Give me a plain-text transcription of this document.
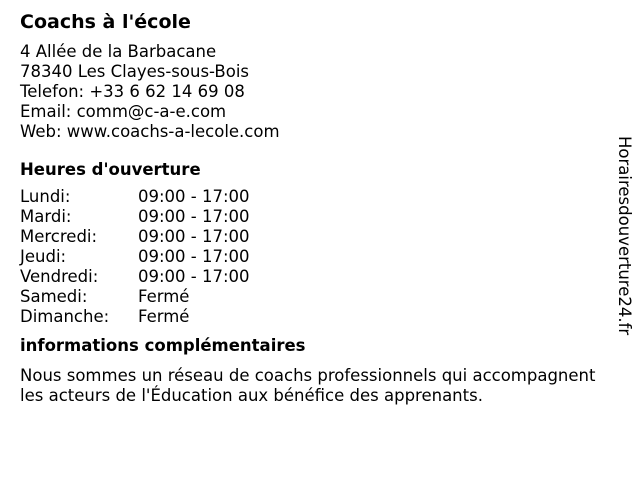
Coachs à l'école
4 Allée de la Barbacane
78340 Les Clayes-sous-Bois
Telefon: +33 6 62 14 69 08
Email: comm@c-a-e.com
Web: www.coachs-a-lecole.com
Heures d'ouverture
Lundi:	09:00 - 17:00
Mardi:	09:00 - 17:00
Mercredi:	09:00 - 17:00
Jeudi:	09:00 - 17:00
Vendredi:	09:00 - 17:00
Samedi:	Fermé
Dimanche:	Fermé
informations complémentaires
Nous sommes un réseau de coachs professionnels qui accompagnent les acteurs de l'Éducation aux bénéfice des apprenants.
Horairesdouverture24.fr
